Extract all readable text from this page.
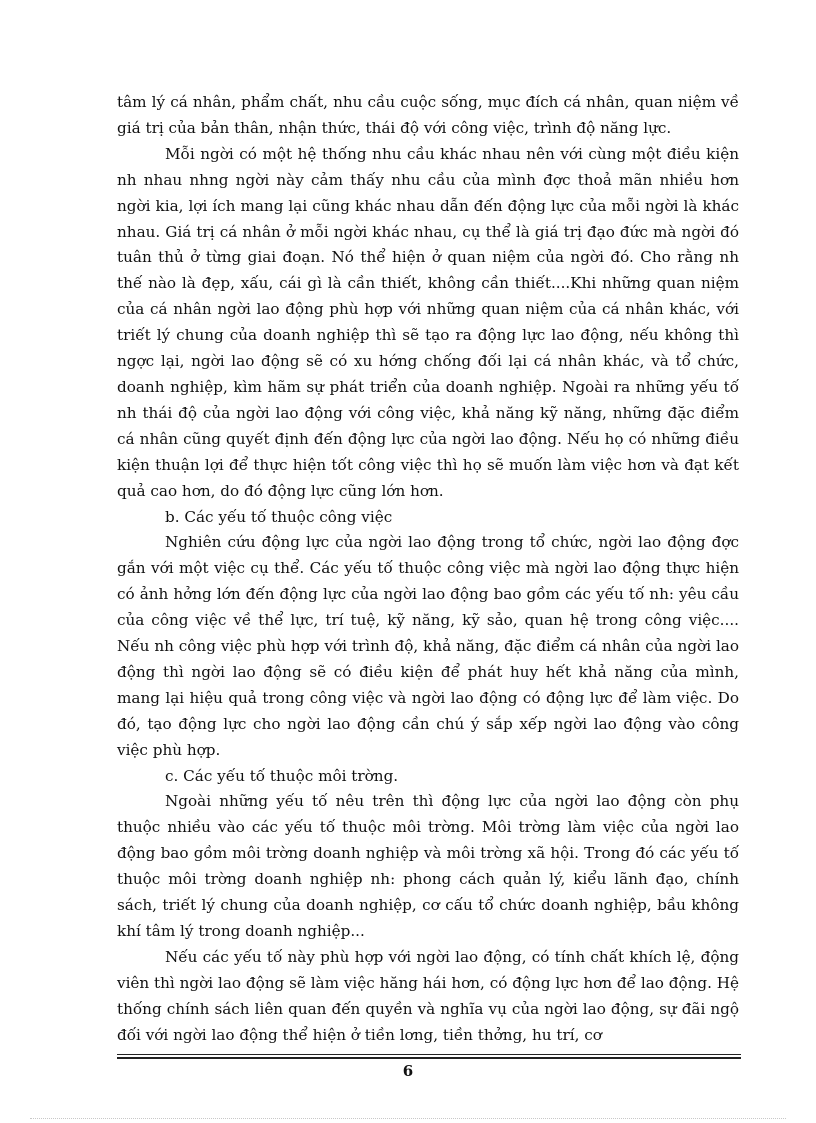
tâm lý cá nhân, phẩm chất, nhu cầu cuộc sống, mục đích cá nhân, quan niệm về giá trị của bản thân, nhận thức, thái độ với công việc, trình độ năng lực.

Mỗi ngời có một hệ thống nhu cầu khác nhau nên với cùng một điều kiện nh nhau nhng ngời này cảm thấy nhu cầu của mình đợc thoả mãn nhiều hơn ngời kia, lợi ích mang lại cũng khác nhau dẫn đến động lực của mỗi ngời là khác nhau. Giá trị cá nhân ở mỗi ngời khác nhau, cụ thể là giá trị đạo đức mà ngời đó tuân thủ ở từng giai đoạn. Nó thể hiện ở quan niệm của ngời đó. Cho rằng nh thế nào là đẹp, xấu, cái gì là cần thiết, không cần thiết....Khi những quan niệm của cá nhân ngời lao động phù hợp với những quan niệm của cá nhân khác, với triết lý chung của doanh nghiệp thì sẽ tạo ra động lực lao động, nếu không thì ngợc lại, ngời lao động sẽ có xu hớng chống đối lại cá nhân khác, và tổ chức, doanh nghiệp, kìm hãm sự phát triển của doanh nghiệp. Ngoài ra những yếu tố nh thái độ của ngời lao động với công việc, khả năng kỹ năng, những đặc điểm cá nhân cũng quyết định đến động lực của ngời lao động. Nếu họ có những điều kiện thuận lợi để thực hiện tốt công việc thì họ sẽ muốn làm việc hơn và đạt kết quả cao hơn, do đó động lực cũng lớn hơn.

b. Các yếu tố thuộc công việc

Nghiên cứu động lực của ngời lao động trong tổ chức, ngời lao động đợc gắn với một việc cụ thể. Các yếu tố thuộc công việc mà ngời lao động thực hiện có ảnh hởng lớn đến động lực của ngời lao động bao gồm các yếu tố nh: yêu cầu của công việc về thể lực, trí tuệ, kỹ năng, kỹ sảo, quan hệ trong công việc.... Nếu nh công việc phù hợp với trình độ, khả năng, đặc điểm cá nhân của ngời lao động thì ngời lao động sẽ có điều kiện để phát huy hết khả năng của mình, mang lại hiệu quả trong công việc và ngời lao động có động lực để làm việc. Do đó, tạo động lực cho ngời lao động cần chú ý sắp xếp ngời lao động vào công việc phù hợp.

c. Các yếu tố thuộc môi trờng.

Ngoài những yếu tố nêu trên thì động lực của ngời lao động còn phụ thuộc nhiều vào các yếu tố thuộc môi trờng. Môi trờng làm việc của ngời lao động bao gồm môi trờng doanh nghiệp và môi trờng xã hội. Trong đó các yếu tố thuộc môi trờng doanh nghiệp nh: phong cách quản lý, kiểu lãnh đạo, chính sách, triết lý chung của doanh nghiệp, cơ cấu tổ chức doanh nghiệp, bầu không khí tâm lý trong doanh nghiệp...

Nếu các yếu tố này phù hợp với ngời lao động, có tính chất khích lệ, động viên thì ngời lao động sẽ làm việc hăng hái hơn, có động lực hơn để lao động. Hệ thống chính sách liên quan đến quyền và nghĩa vụ của ngời lao động, sự đãi ngộ đối với ngời lao động thể hiện ở tiền lơng, tiền thởng, hu trí, cơ

6
